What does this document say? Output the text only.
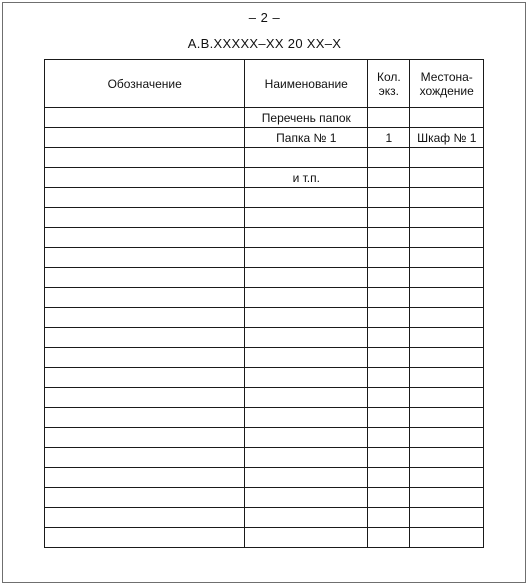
– 2 –
А.В.XXXXX–XX 20 XX–X
Обозначение	Наименование	Кол. экз.	Местона-хождение
	Перечень папок		
	Папка № 1	1	Шкаф № 1

	и т.п.		
